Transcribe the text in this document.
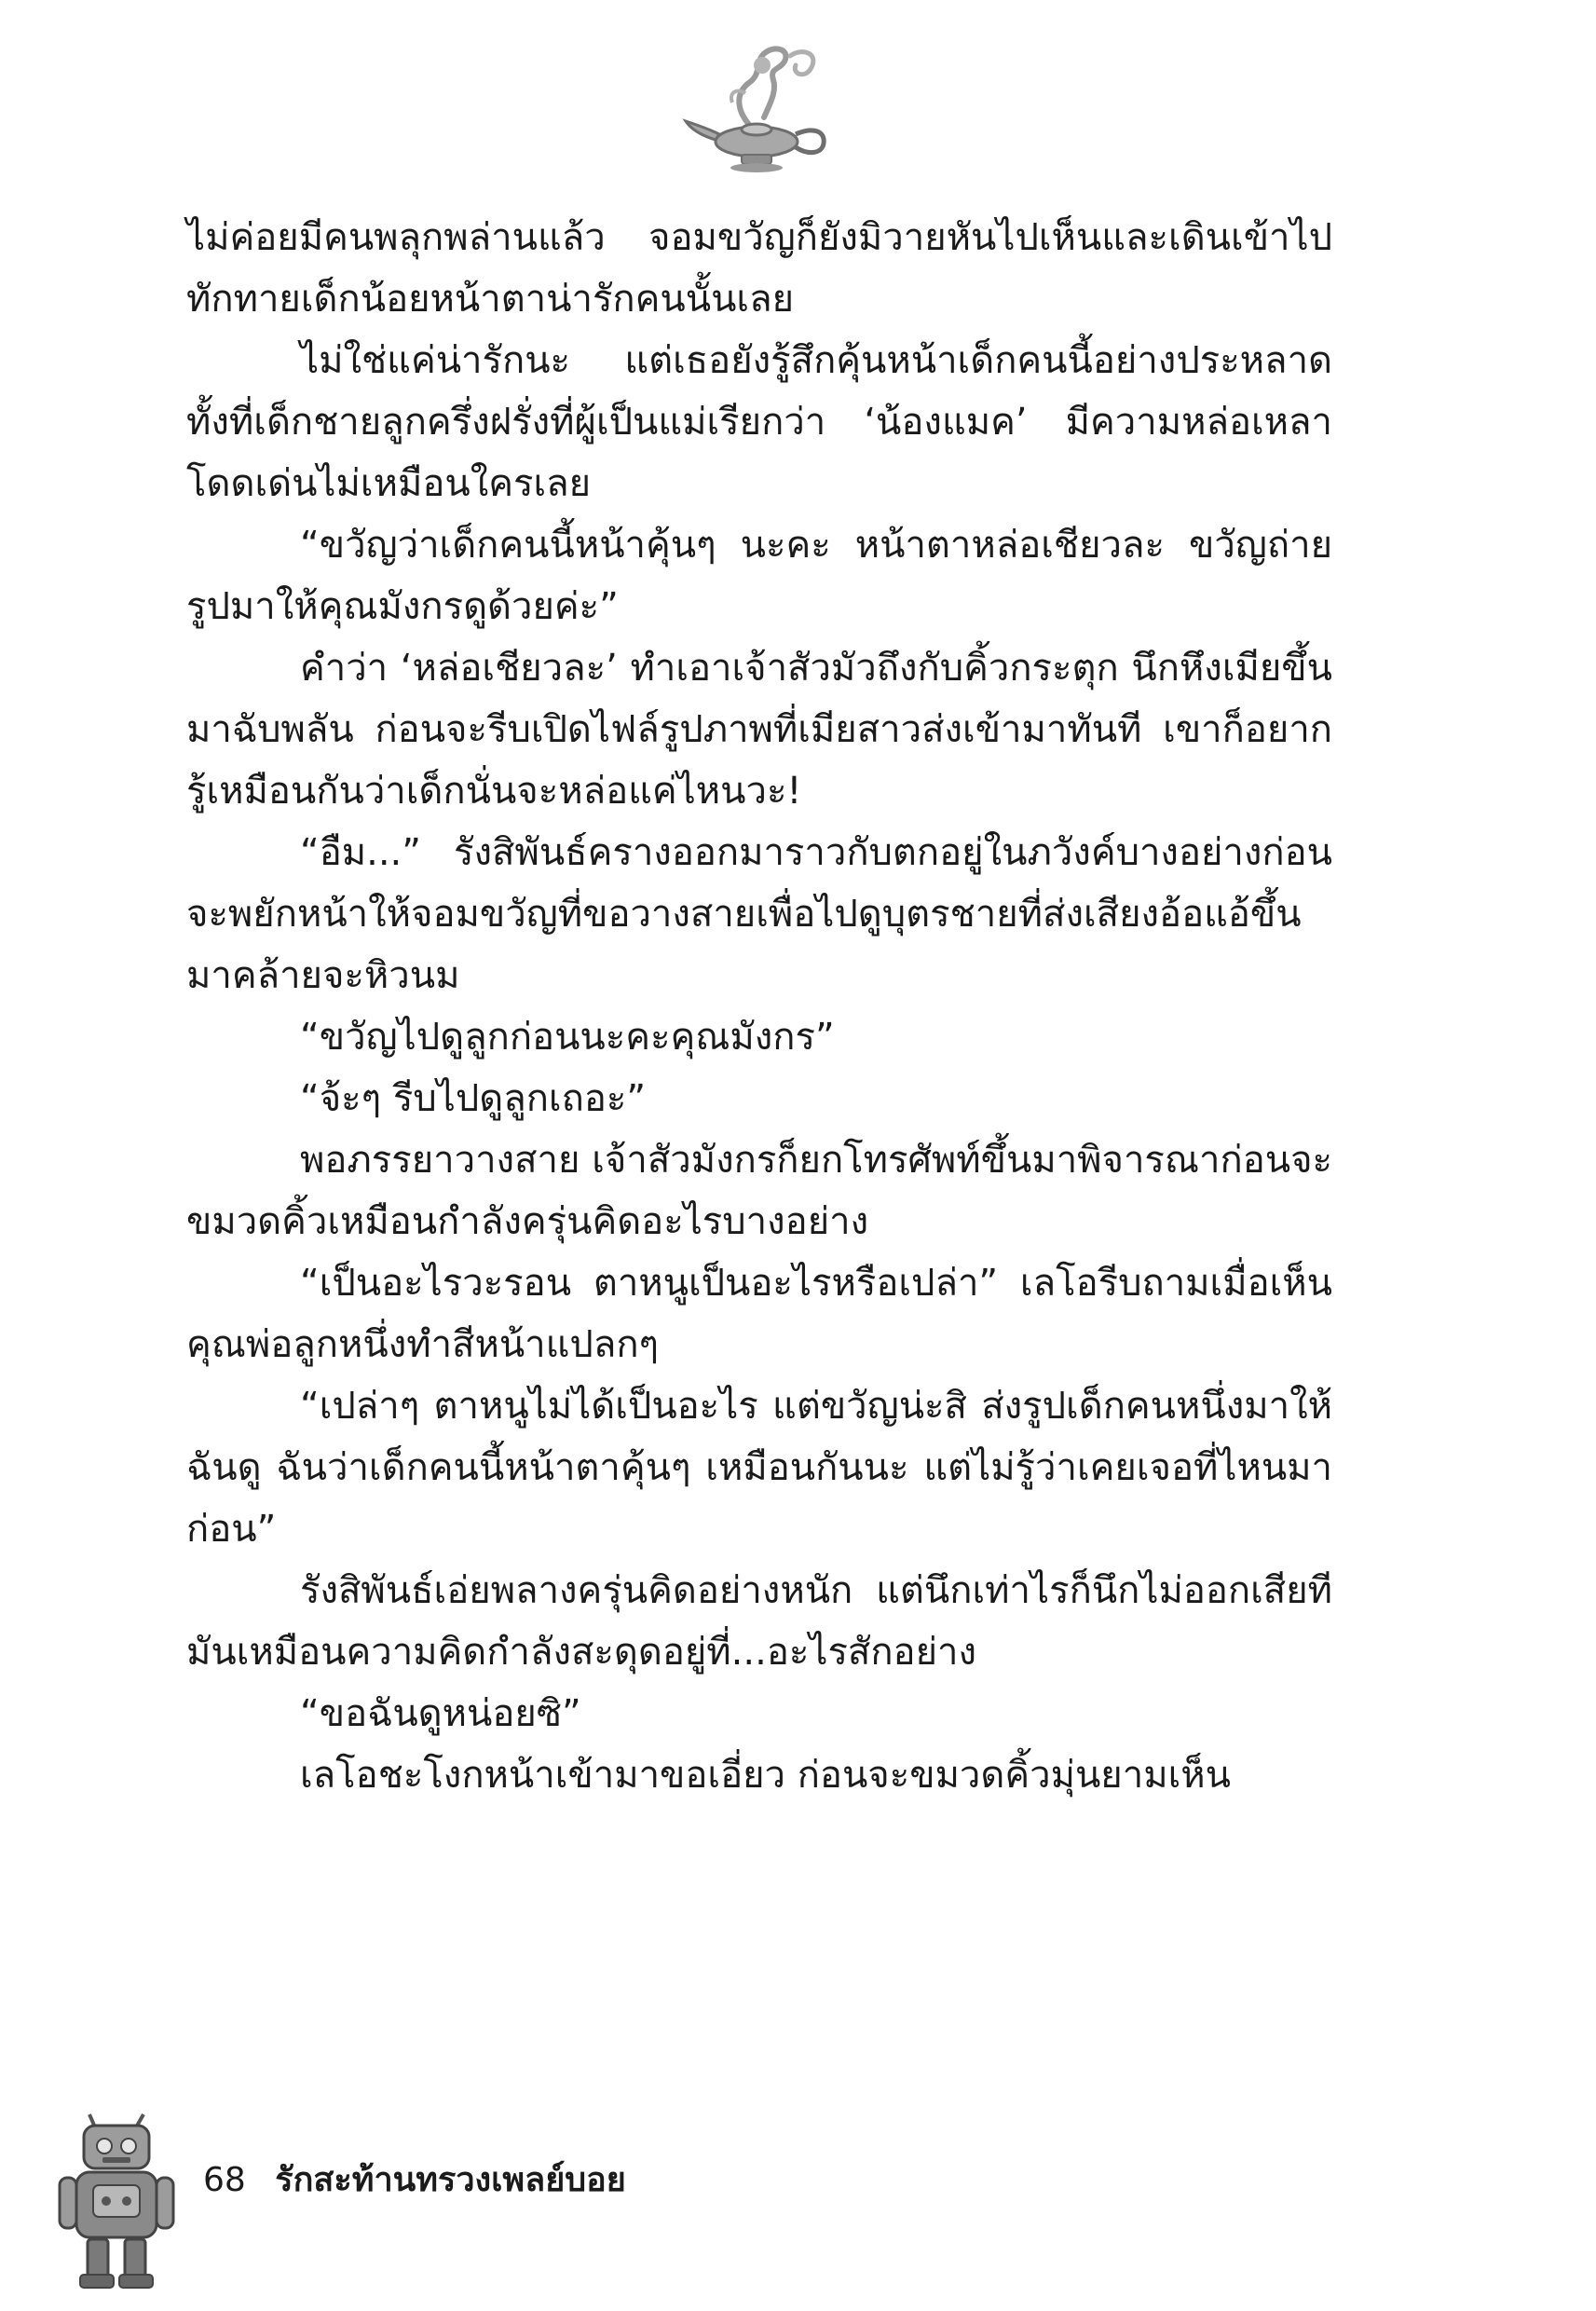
ไม่ค่อยมีคนพลุกพล่านแล้ว จอมขวัญก็ยังมิวายหันไปเห็นและเดินเข้าไปทักทายเด็กน้อยหน้าตาน่ารักคนนั้นเลย

ไม่ใช่แค่น่ารักนะ แต่เธอยังรู้สึกคุ้นหน้าเด็กคนนี้อย่างประหลาด ทั้งที่เด็กชายลูกครึ่งฝรั่งที่ผู้เป็นแม่เรียกว่า ‘น้องแมค’ มีความหล่อเหลาโดดเด่นไม่เหมือนใครเลย

“ขวัญว่าเด็กคนนี้หน้าคุ้นๆ นะคะ หน้าตาหล่อเชียวละ ขวัญถ่ายรูปมาให้คุณมังกรดูด้วยค่ะ”

คำว่า ‘หล่อเชียวละ’ ทำเอาเจ้าสัวมัวถึงกับคิ้วกระตุก นึกหึงเมียขึ้นมาฉับพลัน ก่อนจะรีบเปิดไฟล์รูปภาพที่เมียสาวส่งเข้ามาทันที เขาก็อยากรู้เหมือนกันว่าเด็กนั่นจะหล่อแค่ไหนวะ!

“อืม...” รังสิพันธ์ครางออกมาราวกับตกอยู่ในภวังค์บางอย่างก่อนจะพยักหน้าให้จอมขวัญที่ขอวางสายเพื่อไปดูบุตรชายที่ส่งเสียงอ้อแอ้ขึ้นมาคล้ายจะหิวนม

“ขวัญไปดูลูกก่อนนะคะคุณมังกร”

“จ้ะๆ รีบไปดูลูกเถอะ”

พอภรรยาวางสาย เจ้าสัวมังกรก็ยกโทรศัพท์ขึ้นมาพิจารณาก่อนจะขมวดคิ้วเหมือนกำลังครุ่นคิดอะไรบางอย่าง

“เป็นอะไรวะรอน ตาหนูเป็นอะไรหรือเปล่า” เลโอรีบถามเมื่อเห็นคุณพ่อลูกหนึ่งทำสีหน้าแปลกๆ

“เปล่าๆ ตาหนูไม่ได้เป็นอะไร แต่ขวัญน่ะสิ ส่งรูปเด็กคนหนึ่งมาให้ฉันดู ฉันว่าเด็กคนนี้หน้าตาคุ้นๆ เหมือนกันนะ แต่ไม่รู้ว่าเคยเจอที่ไหนมาก่อน”

รังสิพันธ์เอ่ยพลางครุ่นคิดอย่างหนัก แต่นึกเท่าไรก็นึกไม่ออกเสียที มันเหมือนความคิดกำลังสะดุดอยู่ที่...อะไรสักอย่าง

“ขอฉันดูหน่อยซิ”

เลโอชะโงกหน้าเข้ามาขอเอี่ยว ก่อนจะขมวดคิ้วมุ่นยามเห็น

68 รักสะท้านทรวงเพลย์บอย
